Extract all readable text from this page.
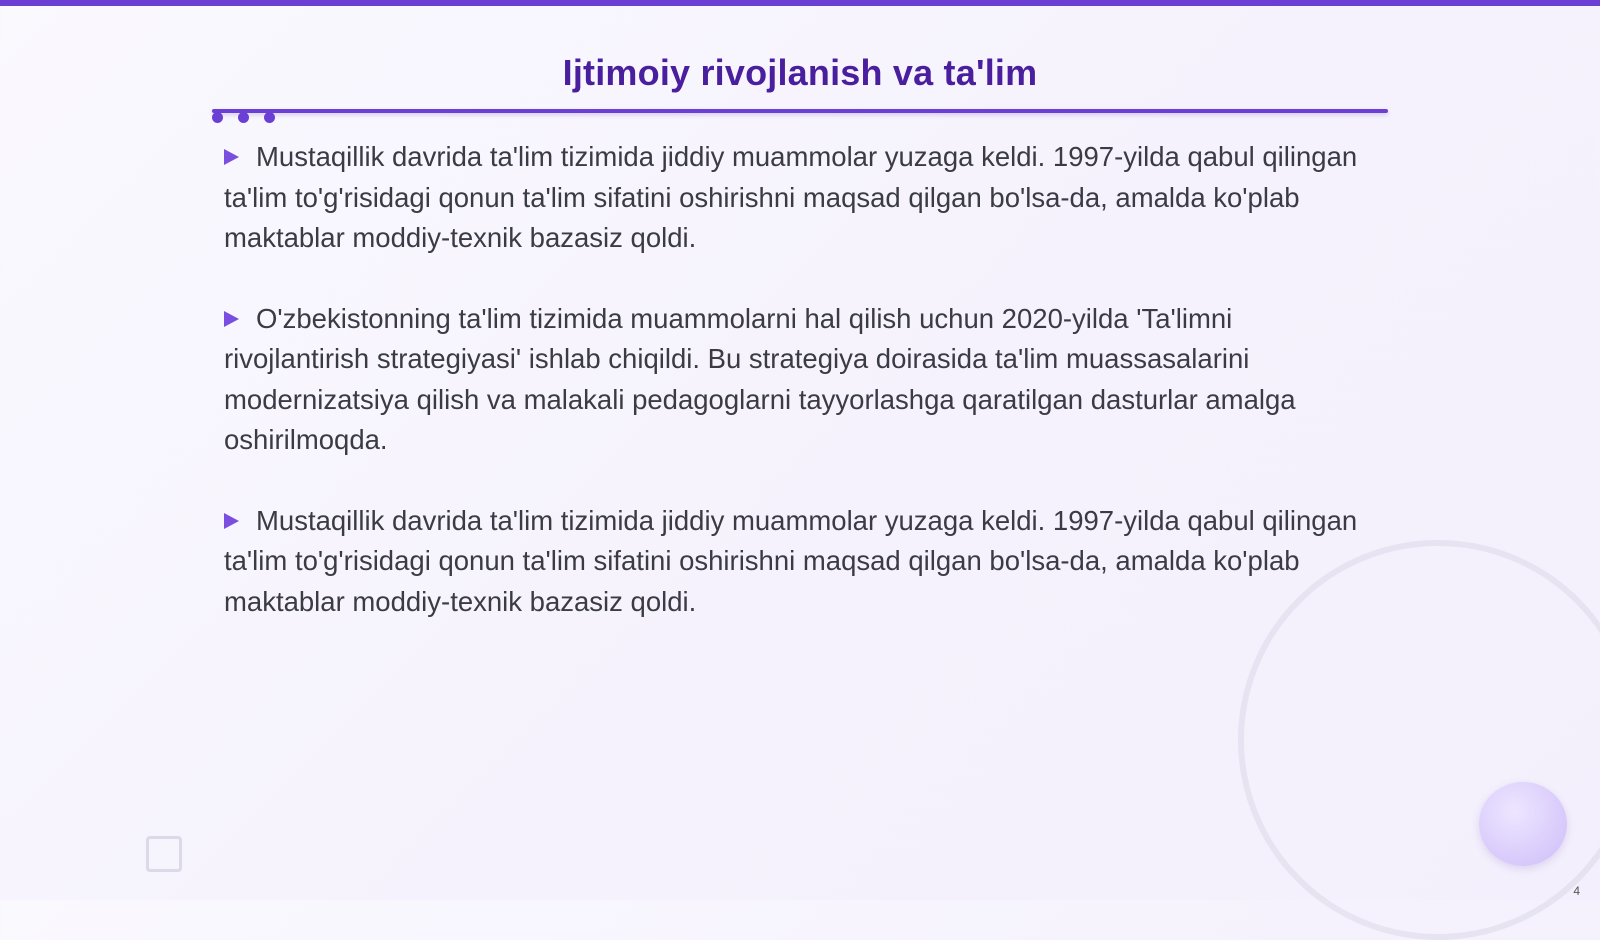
Ijtimoiy rivojlanish va ta'lim

Mustaqillik davrida ta'lim tizimida jiddiy muammolar yuzaga keldi. 1997-yilda qabul qilingan ta'lim to'g'risidagi qonun ta'lim sifatini oshirishni maqsad qilgan bo'lsa-da, amalda ko'plab maktablar moddiy-texnik bazasiz qoldi.

O'zbekistonning ta'lim tizimida muammolarni hal qilish uchun 2020-yilda 'Ta'limni rivojlantirish strategiyasi' ishlab chiqildi. Bu strategiya doirasida ta'lim muassasalarini modernizatsiya qilish va malakali pedagoglarni tayyorlashga qaratilgan dasturlar amalga oshirilmoqda.

Mustaqillik davrida ta'lim tizimida jiddiy muammolar yuzaga keldi. 1997-yilda qabul qilingan ta'lim to'g'risidagi qonun ta'lim sifatini oshirishni maqsad qilgan bo'lsa-da, amalda ko'plab maktablar moddiy-texnik bazasiz qoldi.

4
